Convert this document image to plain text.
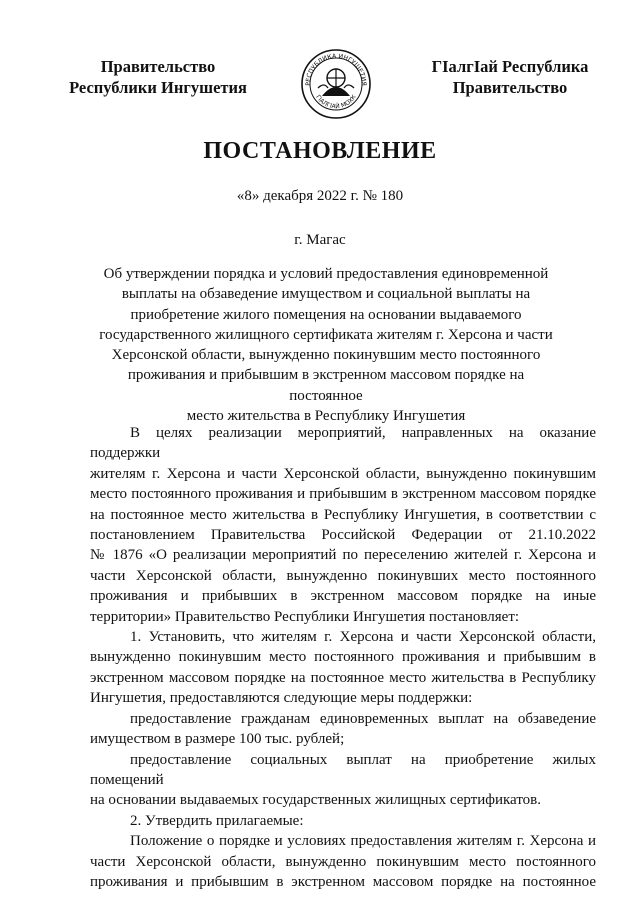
Правительство
Республики Ингушетия	РЕСПУБЛИКА ИНГУШЕТИЯ
ГIАЛГIАЙ МОХК
ГIалгIай Республика
Правительство
ПОСТАНОВЛЕНИЕ
«8» декабря 2022 г. № 180
г. Магас
Об утверждении порядка и условий предоставления единовременной
выплаты на обзаведение имуществом и социальной выплаты на
приобретение жилого помещения на основании выдаваемого
государственного жилищного сертификата жителям г. Херсона и части
Херсонской области, вынужденно покинувшим место постоянного
проживания и прибывшим в экстренном массовом порядке на постоянное
место жительства в Республику Ингушетия

В целях реализации мероприятий, направленных на оказание поддержки
жителям г. Херсона и части Херсонской области, вынужденно покинувшим
место постоянного проживания и прибывшим в экстренном массовом порядке
на постоянное место жительства в Республику Ингушетия, в соответствии с
постановлением Правительства Российской Федерации от 21.10.2022
№ 1876 «О реализации мероприятий по переселению жителей г. Херсона и
части Херсонской области, вынужденно покинувших место постоянного
проживания и прибывших в экстренном массовом порядке на иные
территории» Правительство Республики Ингушетия постановляет:

1. Установить, что жителям г. Херсона и части Херсонской области,
вынужденно покинувшим место постоянного проживания и прибывшим в
экстренном массовом порядке на постоянное место жительства в Республику
Ингушетия, предоставляются следующие меры поддержки:

предоставление гражданам единовременных выплат на обзаведение
имуществом в размере 100 тыс. рублей;

предоставление социальных выплат на приобретение жилых помещений
на основании выдаваемых государственных жилищных сертификатов.

2. Утвердить прилагаемые:

Положение о порядке и условиях предоставления жителям г. Херсона и
части Херсонской области, вынужденно покинувшим место постоянного
проживания и прибывшим в экстренном массовом порядке на постоянное
